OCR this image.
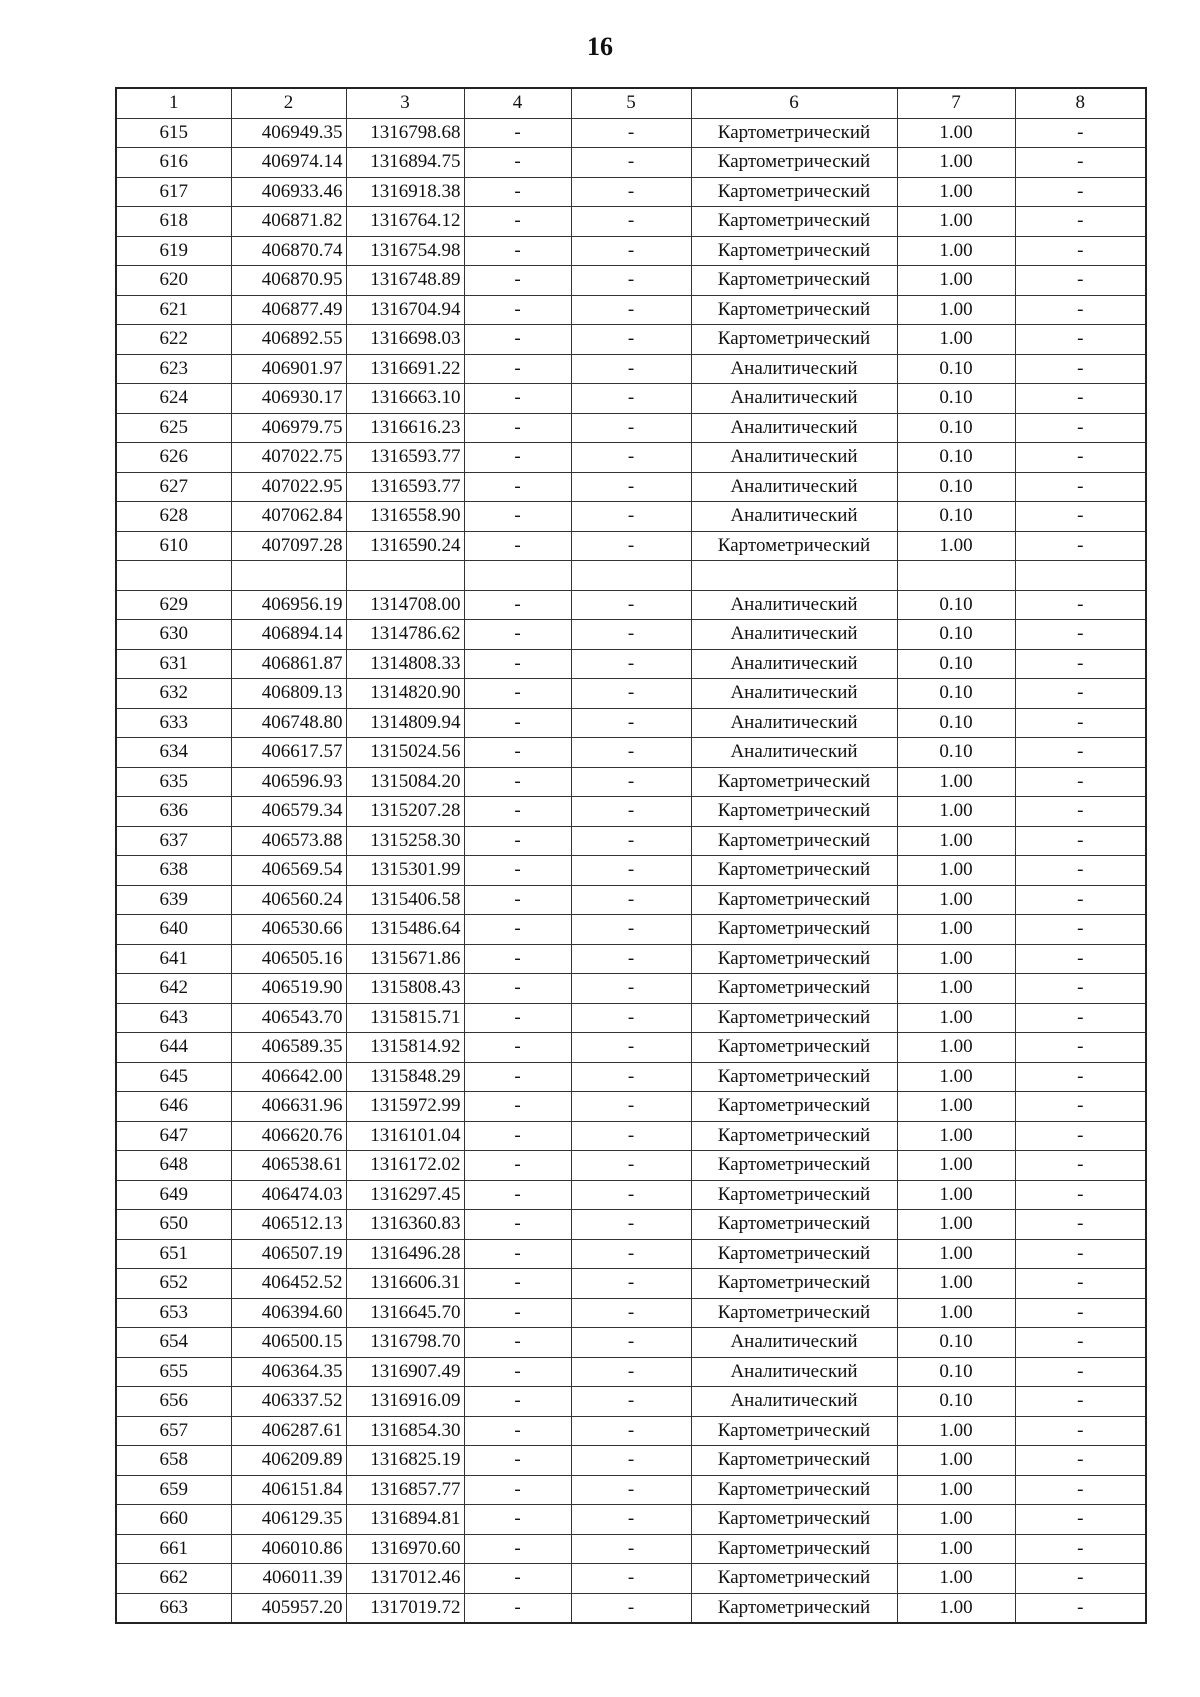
16
1	2	3	4	5	6	7	8
615	406949.35	1316798.68	-	-	Картометрический	1.00	-
616	406974.14	1316894.75	-	-	Картометрический	1.00	-
617	406933.46	1316918.38	-	-	Картометрический	1.00	-
618	406871.82	1316764.12	-	-	Картометрический	1.00	-
619	406870.74	1316754.98	-	-	Картометрический	1.00	-
620	406870.95	1316748.89	-	-	Картометрический	1.00	-
621	406877.49	1316704.94	-	-	Картометрический	1.00	-
622	406892.55	1316698.03	-	-	Картометрический	1.00	-
623	406901.97	1316691.22	-	-	Аналитический	0.10	-
624	406930.17	1316663.10	-	-	Аналитический	0.10	-
625	406979.75	1316616.23	-	-	Аналитический	0.10	-
626	407022.75	1316593.77	-	-	Аналитический	0.10	-
627	407022.95	1316593.77	-	-	Аналитический	0.10	-
628	407062.84	1316558.90	-	-	Аналитический	0.10	-
610	407097.28	1316590.24	-	-	Картометрический	1.00	-

629	406956.19	1314708.00	-	-	Аналитический	0.10	-
630	406894.14	1314786.62	-	-	Аналитический	0.10	-
631	406861.87	1314808.33	-	-	Аналитический	0.10	-
632	406809.13	1314820.90	-	-	Аналитический	0.10	-
633	406748.80	1314809.94	-	-	Аналитический	0.10	-
634	406617.57	1315024.56	-	-	Аналитический	0.10	-
635	406596.93	1315084.20	-	-	Картометрический	1.00	-
636	406579.34	1315207.28	-	-	Картометрический	1.00	-
637	406573.88	1315258.30	-	-	Картометрический	1.00	-
638	406569.54	1315301.99	-	-	Картометрический	1.00	-
639	406560.24	1315406.58	-	-	Картометрический	1.00	-
640	406530.66	1315486.64	-	-	Картометрический	1.00	-
641	406505.16	1315671.86	-	-	Картометрический	1.00	-
642	406519.90	1315808.43	-	-	Картометрический	1.00	-
643	406543.70	1315815.71	-	-	Картометрический	1.00	-
644	406589.35	1315814.92	-	-	Картометрический	1.00	-
645	406642.00	1315848.29	-	-	Картометрический	1.00	-
646	406631.96	1315972.99	-	-	Картометрический	1.00	-
647	406620.76	1316101.04	-	-	Картометрический	1.00	-
648	406538.61	1316172.02	-	-	Картометрический	1.00	-
649	406474.03	1316297.45	-	-	Картометрический	1.00	-
650	406512.13	1316360.83	-	-	Картометрический	1.00	-
651	406507.19	1316496.28	-	-	Картометрический	1.00	-
652	406452.52	1316606.31	-	-	Картометрический	1.00	-
653	406394.60	1316645.70	-	-	Картометрический	1.00	-
654	406500.15	1316798.70	-	-	Аналитический	0.10	-
655	406364.35	1316907.49	-	-	Аналитический	0.10	-
656	406337.52	1316916.09	-	-	Аналитический	0.10	-
657	406287.61	1316854.30	-	-	Картометрический	1.00	-
658	406209.89	1316825.19	-	-	Картометрический	1.00	-
659	406151.84	1316857.77	-	-	Картометрический	1.00	-
660	406129.35	1316894.81	-	-	Картометрический	1.00	-
661	406010.86	1316970.60	-	-	Картометрический	1.00	-
662	406011.39	1317012.46	-	-	Картометрический	1.00	-
663	405957.20	1317019.72	-	-	Картометрический	1.00	-
